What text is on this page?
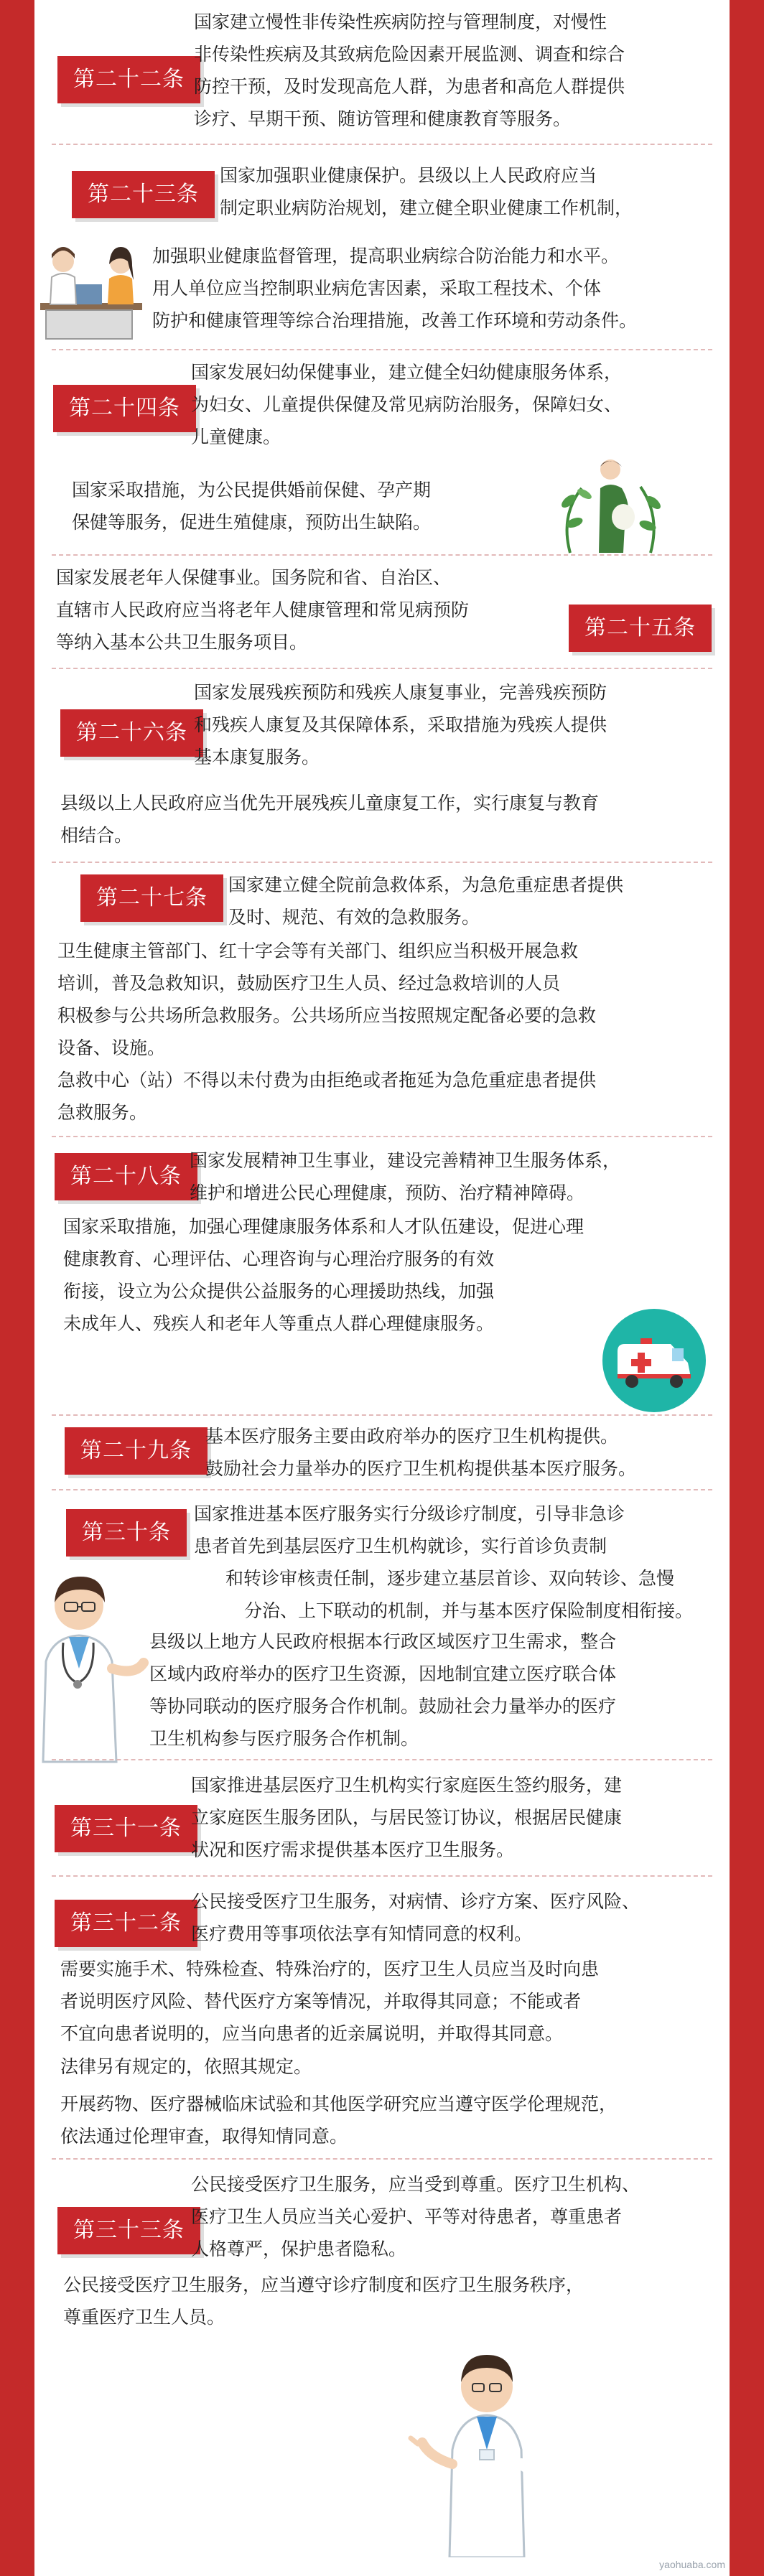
第二十二条
国家建立慢性非传染性疾病防控与管理制度，对慢性
非传染性疾病及其致病危险因素开展监测、调查和综合
防控干预，及时发现高危人群，为患者和高危人群提供
诊疗、早期干预、随访管理和健康教育等服务。
第二十三条
国家加强职业健康保护。县级以上人民政府应当
制定职业病防治规划，建立健全职业健康工作机制，
加强职业健康监督管理，提高职业病综合防治能力和水平。
用人单位应当控制职业病危害因素，采取工程技术、个体
防护和健康管理等综合治理措施，改善工作环境和劳动条件。
第二十四条
国家发展妇幼保健事业，建立健全妇幼健康服务体系，
为妇女、儿童提供保健及常见病防治服务，保障妇女、
儿童健康。
国家采取措施，为公民提供婚前保健、孕产期
保健等服务，促进生殖健康，预防出生缺陷。
国家发展老年人保健事业。国务院和省、自治区、
直辖市人民政府应当将老年人健康管理和常见病预防
等纳入基本公共卫生服务项目。
第二十五条
第二十六条
国家发展残疾预防和残疾人康复事业，完善残疾预防
和残疾人康复及其保障体系，采取措施为残疾人提供
基本康复服务。
县级以上人民政府应当优先开展残疾儿童康复工作，实行康复与教育
相结合。
第二十七条
国家建立健全院前急救体系，为急危重症患者提供
及时、规范、有效的急救服务。
卫生健康主管部门、红十字会等有关部门、组织应当积极开展急救
培训，普及急救知识，鼓励医疗卫生人员、经过急救培训的人员
积极参与公共场所急救服务。公共场所应当按照规定配备必要的急救
设备、设施。
急救中心（站）不得以未付费为由拒绝或者拖延为急危重症患者提供
急救服务。
第二十八条
国家发展精神卫生事业，建设完善精神卫生服务体系，
维护和增进公民心理健康，预防、治疗精神障碍。
国家采取措施，加强心理健康服务体系和人才队伍建设，促进心理
健康教育、心理评估、心理咨询与心理治疗服务的有效
衔接，设立为公众提供公益服务的心理援助热线，加强
未成年人、残疾人和老年人等重点人群心理健康服务。
第二十九条
基本医疗服务主要由政府举办的医疗卫生机构提供。
鼓励社会力量举办的医疗卫生机构提供基本医疗服务。
第三十条
国家推进基本医疗服务实行分级诊疗制度，引导非急诊
患者首先到基层医疗卫生机构就诊，实行首诊负责制
和转诊审核责任制，逐步建立基层首诊、双向转诊、急慢
分治、上下联动的机制，并与基本医疗保险制度相衔接。
县级以上地方人民政府根据本行政区域医疗卫生需求，整合
区域内政府举办的医疗卫生资源，因地制宜建立医疗联合体
等协同联动的医疗服务合作机制。鼓励社会力量举办的医疗
卫生机构参与医疗服务合作机制。
第三十一条
国家推进基层医疗卫生机构实行家庭医生签约服务，建
立家庭医生服务团队，与居民签订协议，根据居民健康
状况和医疗需求提供基本医疗卫生服务。
第三十二条
公民接受医疗卫生服务，对病情、诊疗方案、医疗风险、
医疗费用等事项依法享有知情同意的权利。
需要实施手术、特殊检查、特殊治疗的，医疗卫生人员应当及时向患
者说明医疗风险、替代医疗方案等情况，并取得其同意；不能或者
不宜向患者说明的，应当向患者的近亲属说明，并取得其同意。
法律另有规定的，依照其规定。
开展药物、医疗器械临床试验和其他医学研究应当遵守医学伦理规范，
依法通过伦理审查，取得知情同意。
第三十三条
公民接受医疗卫生服务，应当受到尊重。医疗卫生机构、
医疗卫生人员应当关心爱护、平等对待患者，尊重患者
人格尊严，保护患者隐私。
公民接受医疗卫生服务，应当遵守诊疗制度和医疗卫生服务秩序，
尊重医疗卫生人员。
yaohuaba.com
